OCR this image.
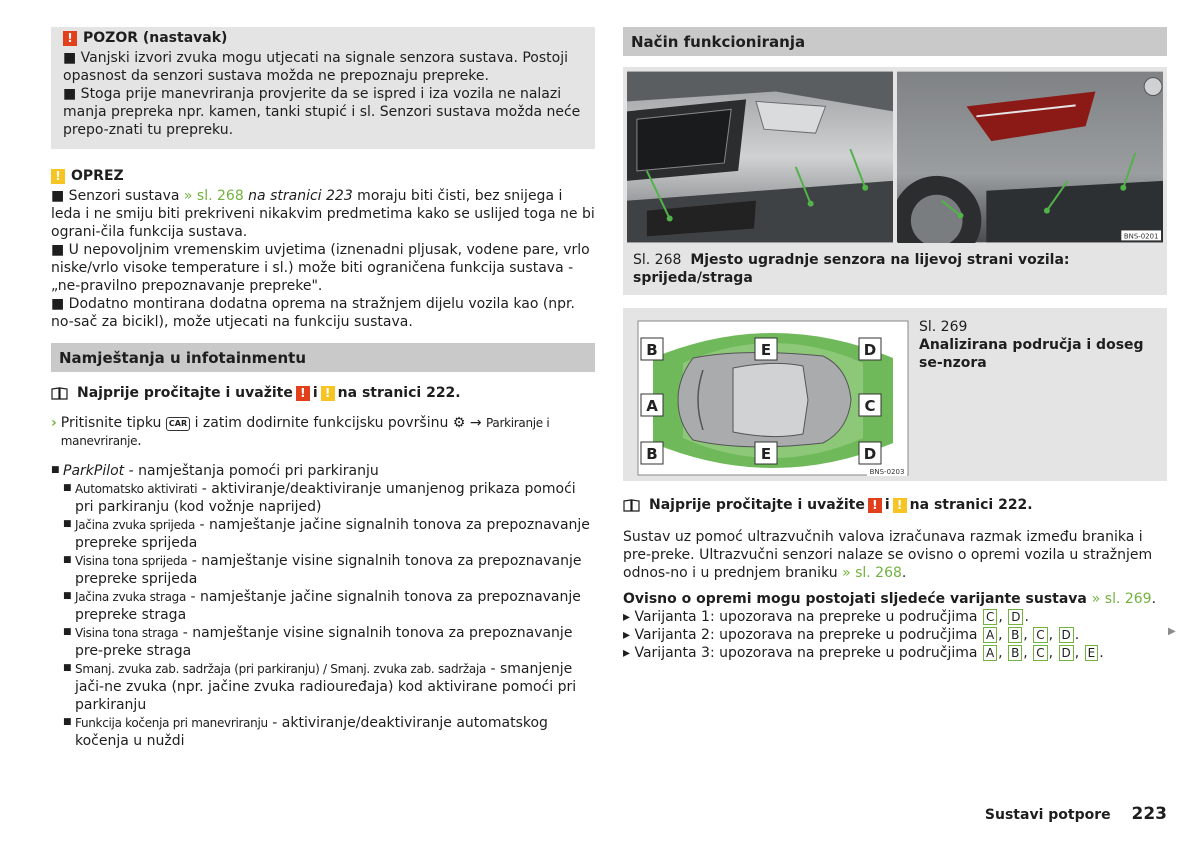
! POZOR (nastavak)

■ Vanjski izvori zvuka mogu utjecati na signale senzora sustava. Postoji opasnost da senzori sustava možda ne prepoznaju prepreke.

■ Stoga prije manevriranja provjerite da se ispred i iza vozila ne nalazi manja prepreka npr. kamen, tanki stupić i sl. Senzori sustava možda neće prepo-znati tu prepreku.

! OPREZ

■ Senzori sustava » sl. 268 na stranici 223 moraju biti čisti, bez snijega i leda i ne smiju biti prekriveni nikakvim predmetima kako se uslijed toga ne bi ograni-čila funkcija sustava.

■ U nepovoljnim vremenskim uvjetima (iznenadni pljusak, vodene pare, vrlo niske/vrlo visoke temperature i sl.) može biti ograničena funkcija sustava - „ne-pravilno prepoznavanje prepreke".

■ Dodatno montirana dodatna oprema na stražnjem dijelu vozila kao (npr. no-sač za bicikl), može utjecati na funkciju sustava.

Namještanja u infotainmentu
Najprije pročitajte i uvažite ! i ! na stranici 222.
› Pritisnite tipku CAR i zatim dodirnite funkcijsku površinu ⚙ → Parkiranje i manevriranje.
■ ParkPilot - namještanja pomoći pri parkiranju
■ Automatsko aktivirati - aktiviranje/deaktiviranje umanjenog prikaza pomoći pri parkiranju (kod vožnje naprijed)
■ Jačina zvuka sprijeda - namještanje jačine signalnih tonova za prepoznavanje prepreke sprijeda
■ Visina tona sprijeda - namještanje visine signalnih tonova za prepoznavanje prepreke sprijeda
■ Jačina zvuka straga - namještanje jačine signalnih tonova za prepoznavanje prepreke straga
■ Visina tona straga - namještanje visine signalnih tonova za prepoznavanje pre-preke straga
■ Smanj. zvuka zab. sadržaja (pri parkiranju) / Smanj. zvuka zab. sadržaja - smanjenje jači-ne zvuka (npr. jačine zvuka radiouređaja) kod aktivirane pomoći pri parkiranju
■ Funkcija kočenja pri manevriranju - aktiviranje/deaktiviranje automatskog kočenja u nuždi
Način funkcioniranja
BNS-0201
Sl. 268 Mjesto ugradnje senzora na lijevoj strani vozila: sprijeda/straga
B	E	D
A	C
B	E	D
BNS-0203
Sl. 269
Analizirana područja i doseg se-nzora
Najprije pročitajte i uvažite ! i ! na stranici 222.

Sustav uz pomoć ultrazvučnih valova izračunava razmak između branika i pre-preke. Ultrazvučni senzori nalaze se ovisno o opremi vozila u stražnjem odnos-no i u prednjem braniku » sl. 268.

Ovisno o opremi mogu postojati sljedeće varijante sustava » sl. 269.

▸ Varijanta 1: upozorava na prepreke u područjima C , D .
▸ Varijanta 2: upozorava na prepreke u područjima A , B , C , D .
▸ Varijanta 3: upozorava na prepreke u područjima A , B , C , D , E .
▶
Sustavi potpore 223
